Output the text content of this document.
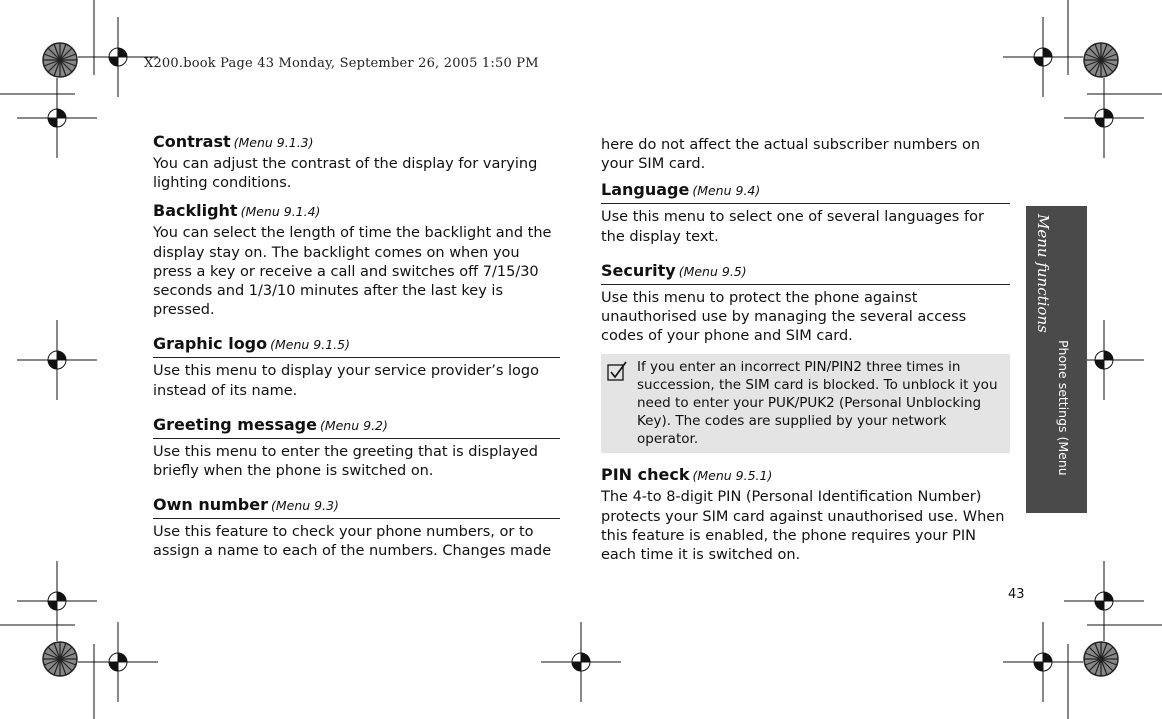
X200.book Page 43 Monday, September 26, 2005 1:50 PM
Contrast (Menu 9.1.3)

You can adjust the contrast of the display for varying lighting conditions.

Backlight (Menu 9.1.4)

You can select the length of time the backlight and the display stay on. The backlight comes on when you press a key or receive a call and switches off 7/15/30 seconds and 1/3/10 minutes after the last key is pressed.

Graphic logo (Menu 9.1.5)

Use this menu to display your service provider’s logo instead of its name.

Greeting message (Menu 9.2)

Use this menu to enter the greeting that is displayed briefly when the phone is switched on.

Own number (Menu 9.3)

Use this feature to check your phone numbers, or to assign a name to each of the numbers. Changes made

here do not affect the actual subscriber numbers on your SIM card.

Language (Menu 9.4)

Use this menu to select one of several languages for the display text.

Security (Menu 9.5)

Use this menu to protect the phone against unauthorised use by managing the several access codes of your phone and SIM card.

If you enter an incorrect PIN/PIN2 three times in succession, the SIM card is blocked. To unblock it you need to enter your PUK/PUK2 (Personal Unblocking Key). The codes are supplied by your network operator.

PIN check (Menu 9.5.1)

The 4-to 8-digit PIN (Personal Identification Number) protects your SIM card against unauthorised use. When this feature is enabled, the phone requires your PIN each time it is switched on.

Menu functions
Phone settings (Menu
43
